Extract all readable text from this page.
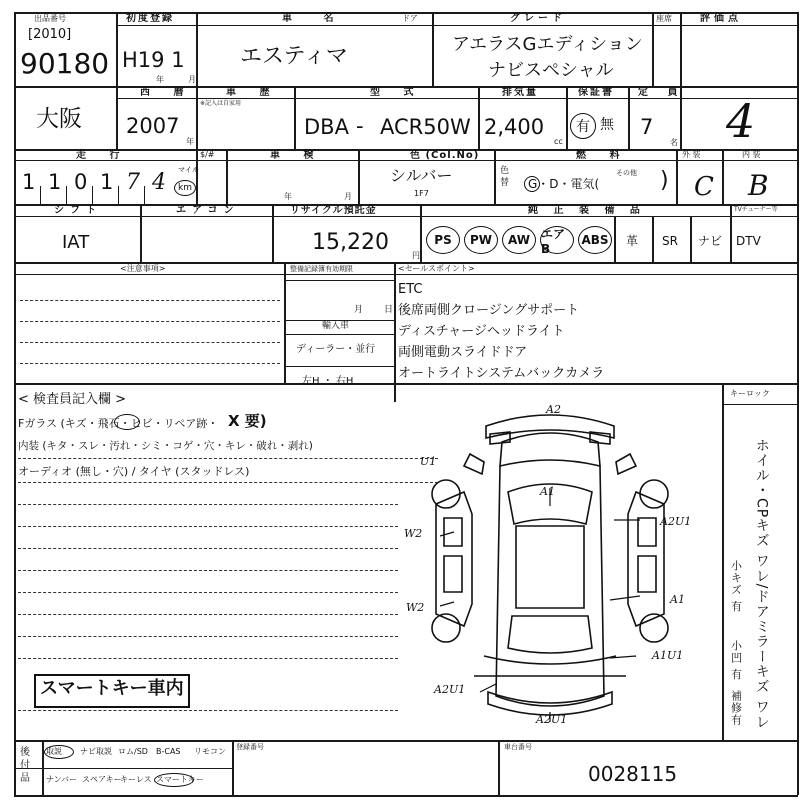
出品番号
[2010]
90180
初度登録
H19 1
年	月
車 名	ドア
エスティマ
グレード
アエラスGエディション
ナビスペシャル
座席	評価点
4
大阪
西 暦
2007
年
車 歴
※記入は自家用
型 式
DBA - ACR50W
排気量
2,400
cc
保証書
有 無
定 員
7
名
走 行	$/#
1 1 0 1 7 4 マイル
km
車 検
年	月
色 (Col.No)
シルバー
1F7
色替
燃 料
G・D・電気(
その他 )
外 装	内 装
C B
シフト
IAT
エアコン	リサイクル預託金
15,220
円
純 正 装 備 品	TVチューナー等
PS PW AW エアB
ABS 革 SR ナビ DTV
<注意事項>	整備記録簿有効期限
月 日
輸入車
ディーラー・並行
左H ・ 右H
<セールスポイント>
ETC
後席両側クロージングサポート
ディスチャージヘッドライト
両側電動スライドドア
オートライトシステムバックカメラ
< 検査員記入欄 >
Fガラス (キズ・飛石・ヒビ・リペア跡・ X 要)
内装 (キタ・スレ・汚れ・シミ・コゲ・穴・キレ・破れ・剥れ)
オーディオ (無し・穴) / タイヤ (スタッドレス)
スマートキー車内
キーロック
ホイル・CPキズ ワレ/ドアミラーキズ ワレ
小キズ 有
小凹 有
補修有
A2
U1
A1
A2U1
W2
W2
A1
A1U1
A2U1
A2U1
後付品
取説 ナビ取説 ロム/SD B-CAS リモコン
ナンバー スペアキー
キーレス スマートキー
登録番号	車台番号
0028115
